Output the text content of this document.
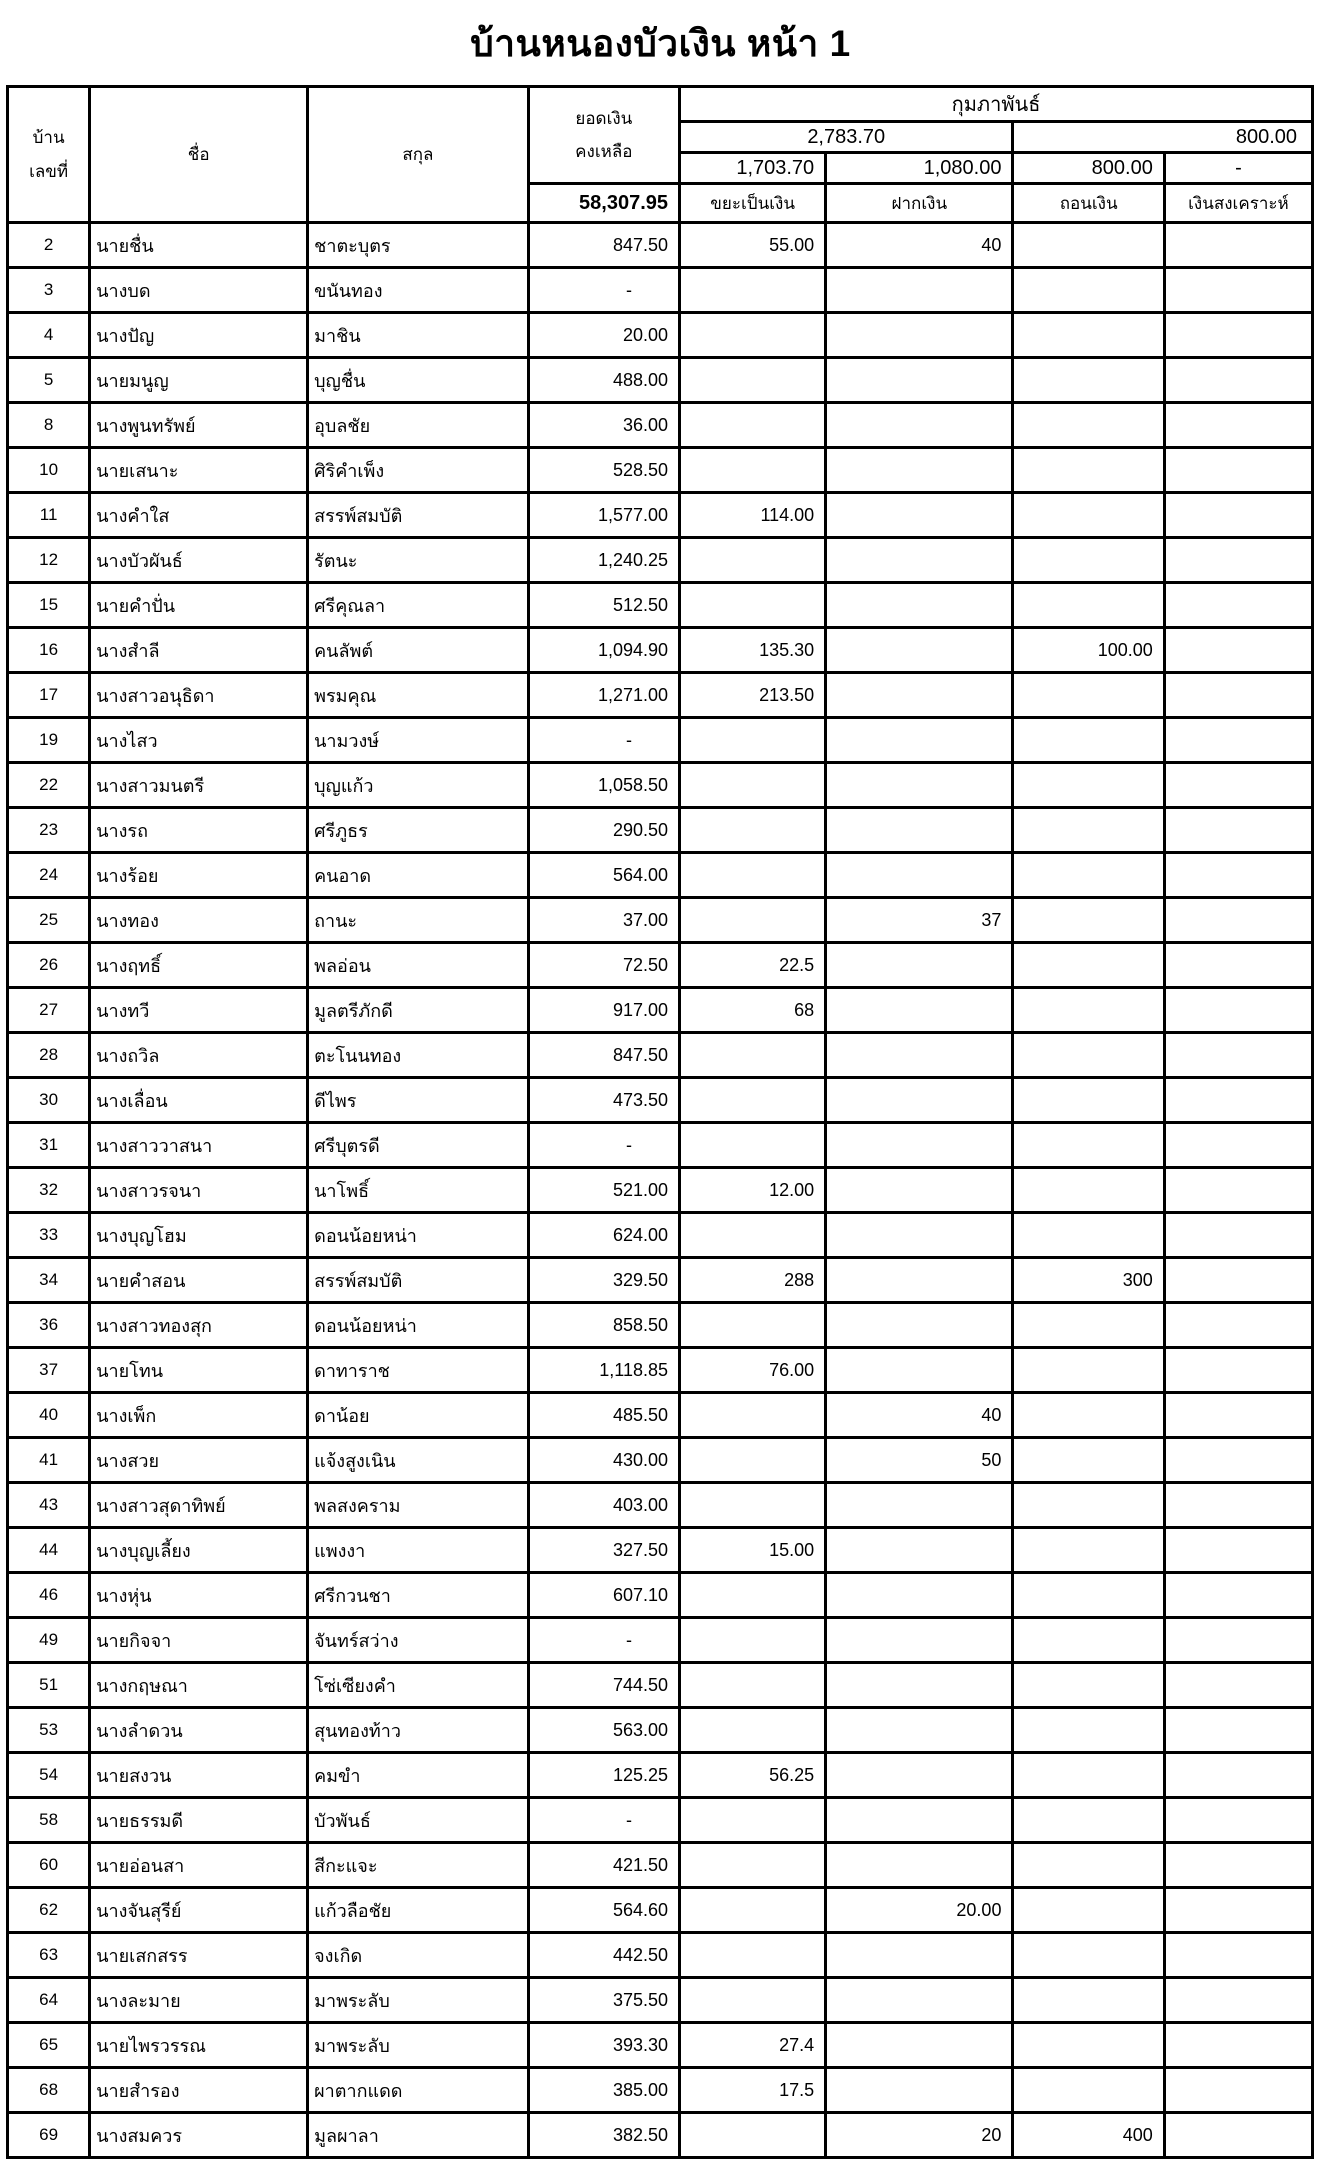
บ้านหนองบัวเงิน หน้า 1
บ้าน
เลขที่
	ชื่อ	สกุล	
ยอดเงิน
คงเหลือ
	กุมภาพันธ์
				2,783.70		800.00	
				1,703.70	1,080.00	800.00	-
			58,307.95	ขยะเป็นเงิน	ฝากเงิน	ถอนเงิน	เงินสงเคราะห์
2	นายชื่น	ชาตะบุตร	847.50	55.00	40		
3	นางบด	ขนันทอง	-				
4	นางปัญ	มาชิน	20.00				
5	นายมนูญ	บุญชื่น	488.00				
8	นางพูนทรัพย์	อุบลชัย	36.00				
10	นายเสนาะ	ศิริคำเพ็ง	528.50				
11	นางคำใส	สรรพ์สมบัติ	1,577.00	114.00			
12	นางบัวผันธ์	รัตนะ	1,240.25				
15	นายคำปั่น	ศรีคุณลา	512.50				
16	นางสำลี	คนลัพต์	1,094.90	135.30		100.00	
17	นางสาวอนุธิดา	พรมคุณ	1,271.00	213.50			
19	นางไสว	นามวงษ์	-				
22	นางสาวมนตรี	บุญแก้ว	1,058.50				
23	นางรถ	ศรีภูธร	290.50				
24	นางร้อย	คนอาด	564.00				
25	นางทอง	ถานะ	37.00		37		
26	นางฤทธิ์	พลอ่อน	72.50	22.5			
27	นางทวี	มูลตรีภักดี	917.00	68			
28	นางถวิล	ตะโนนทอง	847.50				
30	นางเลื่อน	ดีไพร	473.50				
31	นางสาววาสนา	ศรีบุตรดี	-				
32	นางสาวรจนา	นาโพธิ์	521.00	12.00			
33	นางบุญโฮม	ดอนน้อยหน่า	624.00				
34	นายคำสอน	สรรพ์สมบัติ	329.50	288		300	
36	นางสาวทองสุก	ดอนน้อยหน่า	858.50				
37	นายโทน	ดาทาราช	1,118.85	76.00			
40	นางเพ็ก	ดาน้อย	485.50		40		
41	นางสวย	แจ้งสูงเนิน	430.00		50		
43	นางสาวสุดาทิพย์	พลสงคราม	403.00				
44	นางบุญเลี้ยง	แพงงา	327.50	15.00			
46	นางหุ่น	ศรีกวนชา	607.10				
49	นายกิจจา	จันทร์สว่าง	-				
51	นางกฤษณา	โซ่เซียงคำ	744.50				
53	นางลำดวน	สุนทองท้าว	563.00				
54	นายสงวน	คมขำ	125.25	56.25			
58	นายธรรมดี	บัวพันธ์	-				
60	นายอ่อนสา	สีกะแจะ	421.50				
62	นางจันสุรีย์	แก้วลือชัย	564.60		20.00		
63	นายเสกสรร	จงเกิด	442.50				
64	นางละมาย	มาพระลับ	375.50				
65	นายไพรวรรณ	มาพระลับ	393.30	27.4			
68	นายสำรอง	ผาตากแดด	385.00	17.5			
69	นางสมควร	มูลผาลา	382.50		20	400	
